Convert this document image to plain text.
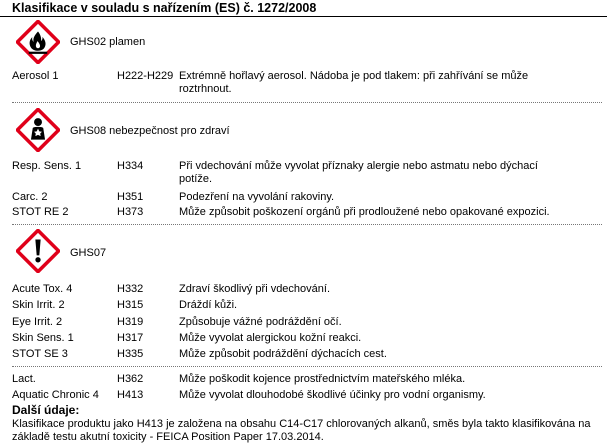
Klasifikace v souladu s nařízením (ES) č. 1272/2008
GHS02 plamen
Aerosol 1	H222-H229 Extrémně hořlavý aerosol. Nádoba je pod tlakem: při zahřívání se může
roztrhnout.
GHS08 nebezpečnost pro zdraví
Resp. Sens. 1	H334	Při vdechování může vyvolat příznaky alergie nebo astmatu nebo dýchací
potíže.
Carc. 2	H351	Podezření na vyvolání rakoviny.
STOT RE 2	H373	Může způsobit poškození orgánů při prodloužené nebo opakované expozici.
GHS07
Acute Tox. 4	H332	Zdraví škodlivý při vdechování.
Skin Irrit. 2	H315	Dráždí kůži.
Eye Irrit. 2	H319	Způsobuje vážné podráždění očí.
Skin Sens. 1	H317	Může vyvolat alergickou kožní reakci.
STOT SE 3	H335	Může způsobit podráždění dýchacích cest.
Lact.	H362	Může poškodit kojence prostřednictvím mateřského mléka.
Aquatic Chronic 4 H413	Může vyvolat dlouhodobé škodlivé účinky pro vodní organismy.
Další údaje:
Klasifikace produktu jako H413 je založena na obsahu C14-C17 chlorovaných alkanů, směs byla takto klasifikována na základě testu akutní toxicity - FEICA Position Paper 17.03.2014.
